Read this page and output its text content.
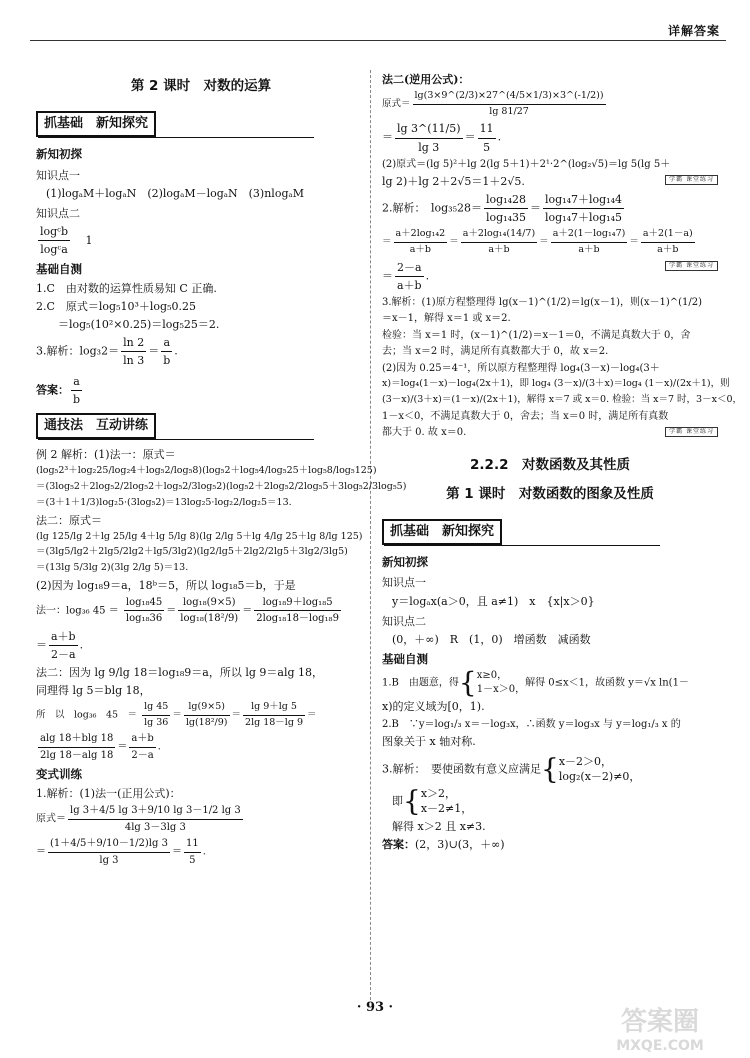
详解答案
第 2 课时　对数的运算
抓基础　新知探究
新知初探
知识点一
(1)logₐM＋logₐN　(2)logₐM－logₐN　(3)nlogₐM
知识点二
$\frac{\text{logᶜb}}{\text{logᶜa}} 1$
基础自测
1.C　由对数的运算性质易知 C 正确.
2.C　原式＝log₅10³＋log₅0.25
＝log₅(10²×0.25)＝log₅25＝2.
3.解析：$\log_32= \frac{\ln 2}{\ln 3} = \frac{a}{b}$ .
答案： $\frac{a}{b}$
通技法　互动讲练
例 2 解析：(1)法一：原式＝
(log₅2³＋log₂25/log₂4＋log₅2/log₅8)(log₅2＋log₅4/log₅25＋log₅8/log₅125)
＝(3log₅2＋2log₅2/2log₅2＋log₅2/3log₅2)(log₅2＋2log₅2/2log₅5＋3log₅2/3log₅5)
＝(3＋1＋1/3)log₂5·(3log₅2)＝13log₂5·log₂2/log₂5＝13.
法二：原式＝
(lg 125/lg 2＋lg 25/lg 4＋lg 5/lg 8)(lg 2/lg 5＋lg 4/lg 25＋lg 8/lg 125)
＝(3lg5/lg2＋2lg5/2lg2＋lg5/3lg2)(lg2/lg5＋2lg2/2lg5＋3lg2/3lg5)
＝(13lg 5/3lg 2)(3lg 2/lg 5)＝13.
(2)因为 log₁₈9＝a，18ᵇ＝5，所以 log₁₈5＝b，于是
法一：log₃₆ $45 = \frac{\text{log₁₈45}}{\text{log₁₈36}} = \frac{\text{log₁₈(9×5)}}{\text{log₁₈(18²/9)}} = \frac{\text{log₁₈9＋log₁₈5}}{\text{2log₁₈18－log₁₈9}}$
＝ $\frac{a+b}{2-a}$ .
法二：因为 lg 9/lg 18＝log₁₈9＝a，所以 lg 9＝alg 18，
同理得 lg 5＝blg 18，
所　以　log₃₆　45　＝ $\frac{\lg 45}{\lg 36} = \frac{\lg(9\times 5)}{\text{lg(18²/9)}} = \frac{\lg 9+\lg 5}{2\lg 18-\lg 9}$ ＝
$\frac{alg 18+blg 18}{2\lg 18-alg 18} = \frac{a+b}{2-a}$ .
变式训练
1.解析：(1)法一(正用公式)：
原式＝ $\frac{\lg 3+4/5 \lg 3+9/10 \lg 3-1/2 \lg 3}{4\lg 3-3\lg 3}$
＝ $\frac{(1+4/5+9/10-1/2)\lg 3}{\lg 3} = \frac{11}{5}$ .
法二(逆用公式)：
原式＝ $\frac{\lg(3\times 9\^{}(2/3)\times 27\^{}(4/5\times 1/3)\times 3\^{}(-1/2))}{\lg 81/27}$
＝ $\frac{\lg 3\^{}(11/5)}{\lg 3} = \frac{11}{5}$ .
(2)原式＝(lg 5)²＋lg 2(lg 5＋1)＋2¹·2^(log₂√5)＝lg 5(lg 5＋
lg 2)＋lg 2＋2√5＝1＋2√5.	学霸 课堂练习
2.解析：　$\log_{35}28= \frac{\text{log₁₄28}}{\text{log₁₄35}} = \frac{\text{log₁₄7＋log₁₄4}}{\text{log₁₄7＋log₁₄5}}$
＝ $\frac{\text{a＋2log₁₄2}}{a+b} = \frac{\text{a＋2log₁₄(14/7)}}{a+b} = \frac{\text{a＋2(1－log₁₄7)}}{a+b} = \frac{a+2(1-a)}{a+b}$
＝ $\frac{2-a}{a+b}$ .
学霸 课堂练习
3.解析：(1)原方程整理得 lg(x－1)^(1/2)＝lg(x－1)，则(x－1)^(1/2)
＝x－1，解得 x＝1 或 x＝2.
检验：当 x＝1 时，(x－1)^(1/2)＝x－1＝0，不满足真数大于 0，舍
去；当 x＝2 时，满足所有真数都大于 0，故 x＝2.
(2)因为 0.25＝4⁻¹，所以原方程整理得 log₄(3－x)－log₄(3＋
x)＝log₄(1－x)－log₄(2x＋1)，即 log₄ (3－x)/(3＋x)＝log₄ (1－x)/(2x＋1)，则
(3－x)/(3＋x)＝(1－x)/(2x＋1)，解得 x＝7 或 x＝0. 检验：当 x＝7 时，3－x＜0，
1－x＜0，不满足真数大于 0，舍去；当 x＝0 时，满足所有真数
都大于 0. 故 x＝0.	学霸 课堂练习
2.2.2　对数函数及其性质
第 1 课时　对数函数的图象及性质
抓基础　新知探究
新知初探
知识点一
y＝logₐx(a＞0，且 a≠1)　x　{x|x＞0}
知识点二
(0，＋∞)　R　(1，0)　增函数　减函数
基础自测
1.B　由题意，得{x≥0，
1－x＞0，解得 0≤x＜1，故函数 y＝√x ln(1－
x)的定义域为[0，1).
2.B　∵y＝log₁/₃ x＝－log₃x，∴函数 y＝log₃x 与 y＝log₁/₃ x 的
图象关于 x 轴对称.
3.解析：　要使函数有意义应满足{x－2＞0，
log₂(x－2)≠0，
即{x＞2，
x－2≠1，
解得 x＞2 且 x≠3.
答案：(2，3)∪(3，＋∞)
· 93 ·	答案圈
MXQE.COM
